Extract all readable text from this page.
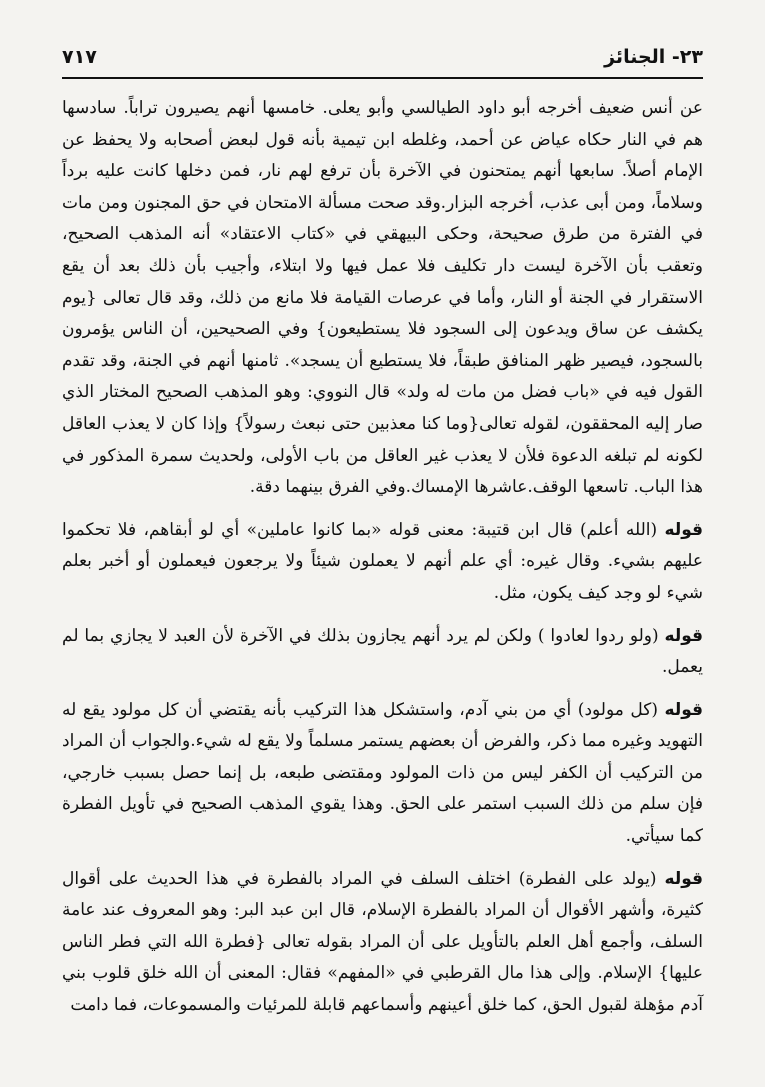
٢٣- الجنائز
٧١٧

عن أنس ضعيف أخرجه أبو داود الطيالسي وأبو يعلى. خامسها أنهم يصيرون تراباً. سادسها هم في النار حكاه عياض عن أحمد، وغلطه ابن تيمية بأنه قول لبعض أصحابه ولا يحفظ عن الإمام أصلاً. سابعها أنهم يمتحنون في الآخرة بأن ترفع لهم نار، فمن دخلها كانت عليه برداً وسلاماً، ومن أبى عذب، أخرجه البزار.وقد صحت مسألة الامتحان في حق المجنون ومن مات في الفترة من طرق صحيحة، وحكى البيهقي في «كتاب الاعتقاد» أنه المذهب الصحيح، وتعقب بأن الآخرة ليست دار تكليف فلا عمل فيها ولا ابتلاء، وأجيب بأن ذلك بعد أن يقع الاستقرار في الجنة أو النار، وأما في عرصات القيامة فلا مانع من ذلك، وقد قال تعالى {يوم يكشف عن ساق ويدعون إلى السجود فلا يستطيعون} وفي الصحيحين، أن الناس يؤمرون بالسجود، فيصير ظهر المنافق طبقاً، فلا يستطيع أن يسجد». ثامنها أنهم في الجنة، وقد تقدم القول فيه في «باب فضل من مات له ولد» قال النووي: وهو المذهب الصحيح المختار الذي صار إليه المحققون، لقوله تعالى{وما كنا معذبين حتى نبعث رسولاً} وإذا كان لا يعذب العاقل لكونه لم تبلغه الدعوة فلأن لا يعذب غير العاقل من باب الأولى، ولحديث سمرة المذكور في هذا الباب. تاسعها الوقف.عاشرها الإمساك.وفي الفرق بينهما دقة.

قوله (الله أعلم) قال ابن قتيبة: معنى قوله «بما كانوا عاملين» أي لو أبقاهم، فلا تحكموا عليهم بشيء. وقال غيره: أي علم أنهم لا يعملون شيئاً ولا يرجعون فيعملون أو أخبر بعلم شيء لو وجد كيف يكون، مثل.

قوله (ولو ردوا لعادوا ) ولكن لم يرد أنهم يجازون بذلك في الآخرة لأن العبد لا يجازي بما لم يعمل.

قوله (كل مولود) أي من بني آدم، واستشكل هذا التركيب بأنه يقتضي أن كل مولود يقع له التهويد وغيره مما ذكر، والفرض أن بعضهم يستمر مسلماً ولا يقع له شيء.والجواب أن المراد من التركيب أن الكفر ليس من ذات المولود ومقتضى طبعه، بل إنما حصل بسبب خارجي، فإن سلم من ذلك السبب استمر على الحق. وهذا يقوي المذهب الصحيح في تأويل الفطرة كما سيأتي.

قوله (يولد على الفطرة) اختلف السلف في المراد بالفطرة في هذا الحديث على أقوال كثيرة، وأشهر الأقوال أن المراد بالفطرة الإسلام، قال ابن عبد البر: وهو المعروف عند عامة السلف، وأجمع أهل العلم بالتأويل على أن المراد بقوله تعالى {فطرة الله التي فطر الناس عليها} الإسلام. وإلى هذا مال القرطبي في «المفهم» فقال: المعنى أن الله خلق قلوب بني آدم مؤهلة لقبول الحق، كما خلق أعينهم وأسماعهم قابلة للمرئيات والمسموعات، فما دامت
